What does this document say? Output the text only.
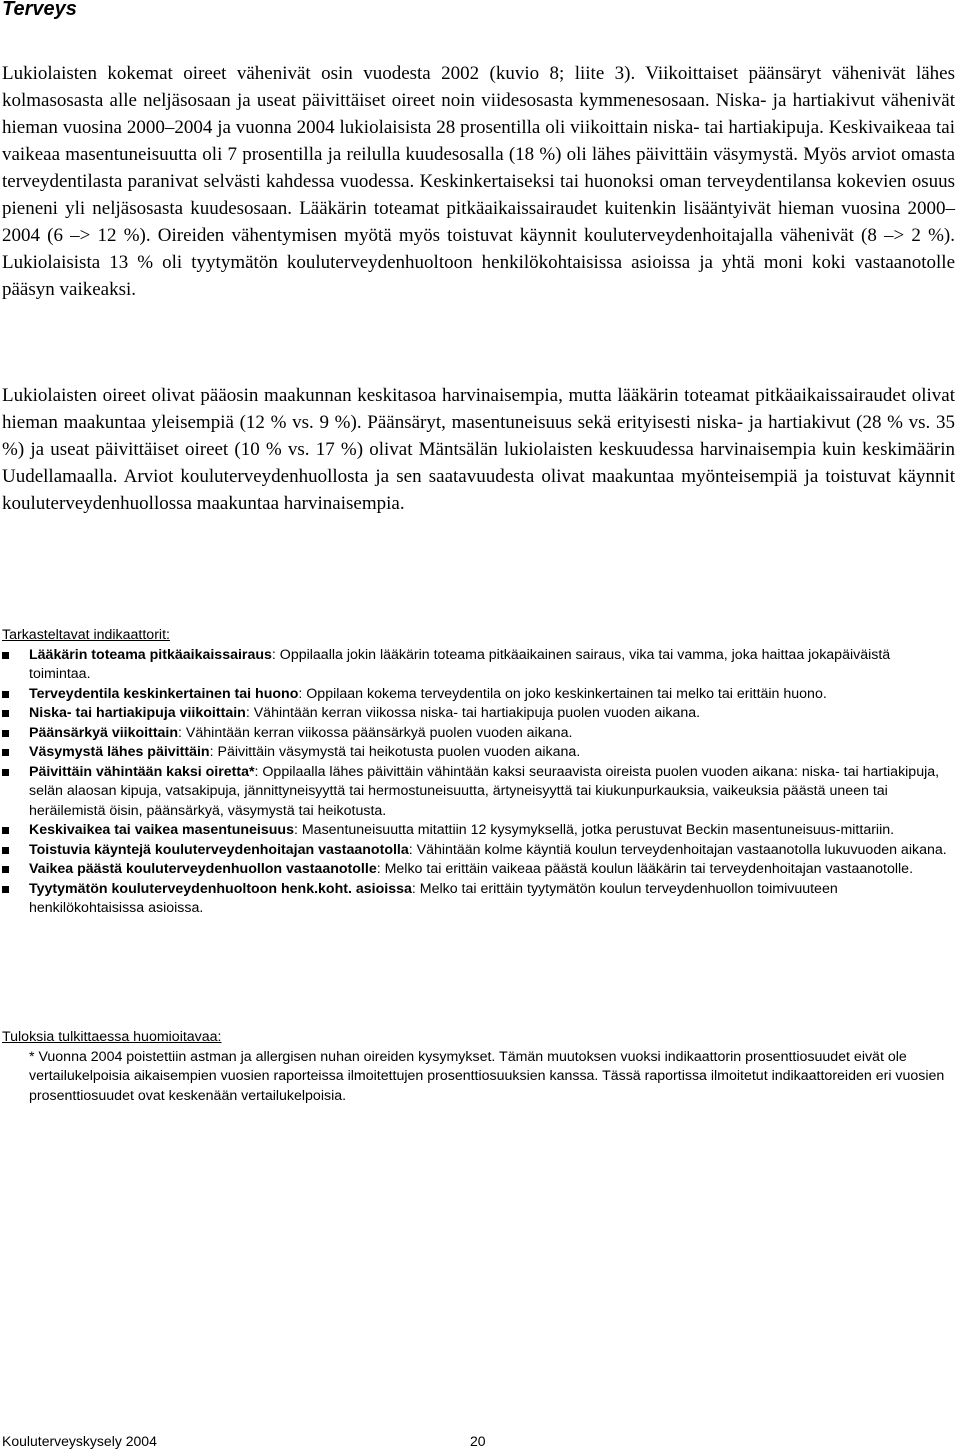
Terveys

Lukiolaisten kokemat oireet vähenivät osin vuodesta 2002 (kuvio 8; liite 3). Viikoittaiset päänsäryt vähenivät lähes kolmasosasta alle neljäsosaan ja useat päivittäiset oireet noin viidesosasta kymmenesosaan. Niska- ja hartiakivut vähenivät hieman vuosina 2000–2004 ja vuonna 2004 lukiolaisista 28 prosentilla oli viikoittain niska- tai hartiakipuja. Keskivaikeaa tai vaikeaa masentuneisuutta oli 7 prosentilla ja reilulla kuudesosalla (18 %) oli lähes päivittäin väsymystä. Myös arviot omasta terveydentilasta paranivat selvästi kahdessa vuodessa. Keskinkertaiseksi tai huonoksi oman terveydentilansa kokevien osuus pieneni yli neljäsosasta kuudesosaan. Lääkärin toteamat pitkäaikaissairaudet kuitenkin lisääntyivät hieman vuosina 2000–2004 (6 –> 12 %). Oireiden vähentymisen myötä myös toistuvat käynnit kouluterveydenhoitajalla vähenivät (8 –> 2 %). Lukiolaisista 13 % oli tyytymätön kouluterveydenhuoltoon henkilökohtaisissa asioissa ja yhtä moni koki vastaanotolle pääsyn vaikeaksi.

Lukiolaisten oireet olivat pääosin maakunnan keskitasoa harvinaisempia, mutta lääkärin toteamat pitkäaikaissairaudet olivat hieman maakuntaa yleisempiä (12 % vs. 9 %). Päänsäryt, masentuneisuus sekä erityisesti niska- ja hartiakivut (28 % vs. 35 %) ja useat päivittäiset oireet (10 % vs. 17 %) olivat Mäntsälän lukiolaisten keskuudessa harvinaisempia kuin keskimäärin Uudellamaalla. Arviot kouluterveydenhuollosta ja sen saatavuudesta olivat maakuntaa myönteisempiä ja toistuvat käynnit kouluterveydenhuollossa maakuntaa harvinaisempia.

Tarkasteltavat indikaattorit:
Lääkärin toteama pitkäaikaissairaus: Oppilaalla jokin lääkärin toteama pitkäaikainen sairaus, vika tai vamma, joka haittaa jokapäiväistä toimintaa.
Terveydentila keskinkertainen tai huono: Oppilaan kokema terveydentila on joko keskinkertainen tai melko tai erittäin huono.
Niska- tai hartiakipuja viikoittain: Vähintään kerran viikossa niska- tai hartiakipuja puolen vuoden aikana.
Päänsärkyä viikoittain: Vähintään kerran viikossa päänsärkyä puolen vuoden aikana.
Väsymystä lähes päivittäin: Päivittäin väsymystä tai heikotusta puolen vuoden aikana.
Päivittäin vähintään kaksi oiretta*: Oppilaalla lähes päivittäin vähintään kaksi seuraavista oireista puolen vuoden aikana: niska- tai hartiakipuja, selän alaosan kipuja, vatsakipuja, jännittyneisyyttä tai hermostuneisuutta, ärtyneisyyttä tai kiukunpurkauksia, vaikeuksia päästä uneen tai heräilemistä öisin, päänsärkyä, väsymystä tai heikotusta.
Keskivaikea tai vaikea masentuneisuus: Masentuneisuutta mitattiin 12 kysymyksellä, jotka perustuvat Beckin masentuneisuus-mittariin.
Toistuvia käyntejä kouluterveydenhoitajan vastaanotolla: Vähintään kolme käyntiä koulun terveydenhoitajan vastaanotolla lukuvuoden aikana.
Vaikea päästä kouluterveydenhuollon vastaanotolle: Melko tai erittäin vaikeaa päästä koulun lääkärin tai terveydenhoitajan vastaanotolle.
Tyytymätön kouluterveydenhuoltoon henk.koht. asioissa: Melko tai erittäin tyytymätön koulun terveydenhuollon toimivuuteen henkilökohtaisissa asioissa.
Tuloksia tulkittaessa huomioitavaa:
* Vuonna 2004 poistettiin astman ja allergisen nuhan oireiden kysymykset. Tämän muutoksen vuoksi indikaattorin prosenttiosuudet eivät ole vertailukelpoisia aikaisempien vuosien raporteissa ilmoitettujen prosenttiosuuksien kanssa. Tässä raportissa ilmoitetut indikaattoreiden eri vuosien prosenttiosuudet ovat keskenään vertailukelpoisia.
Kouluterveyskysely 2004	20
